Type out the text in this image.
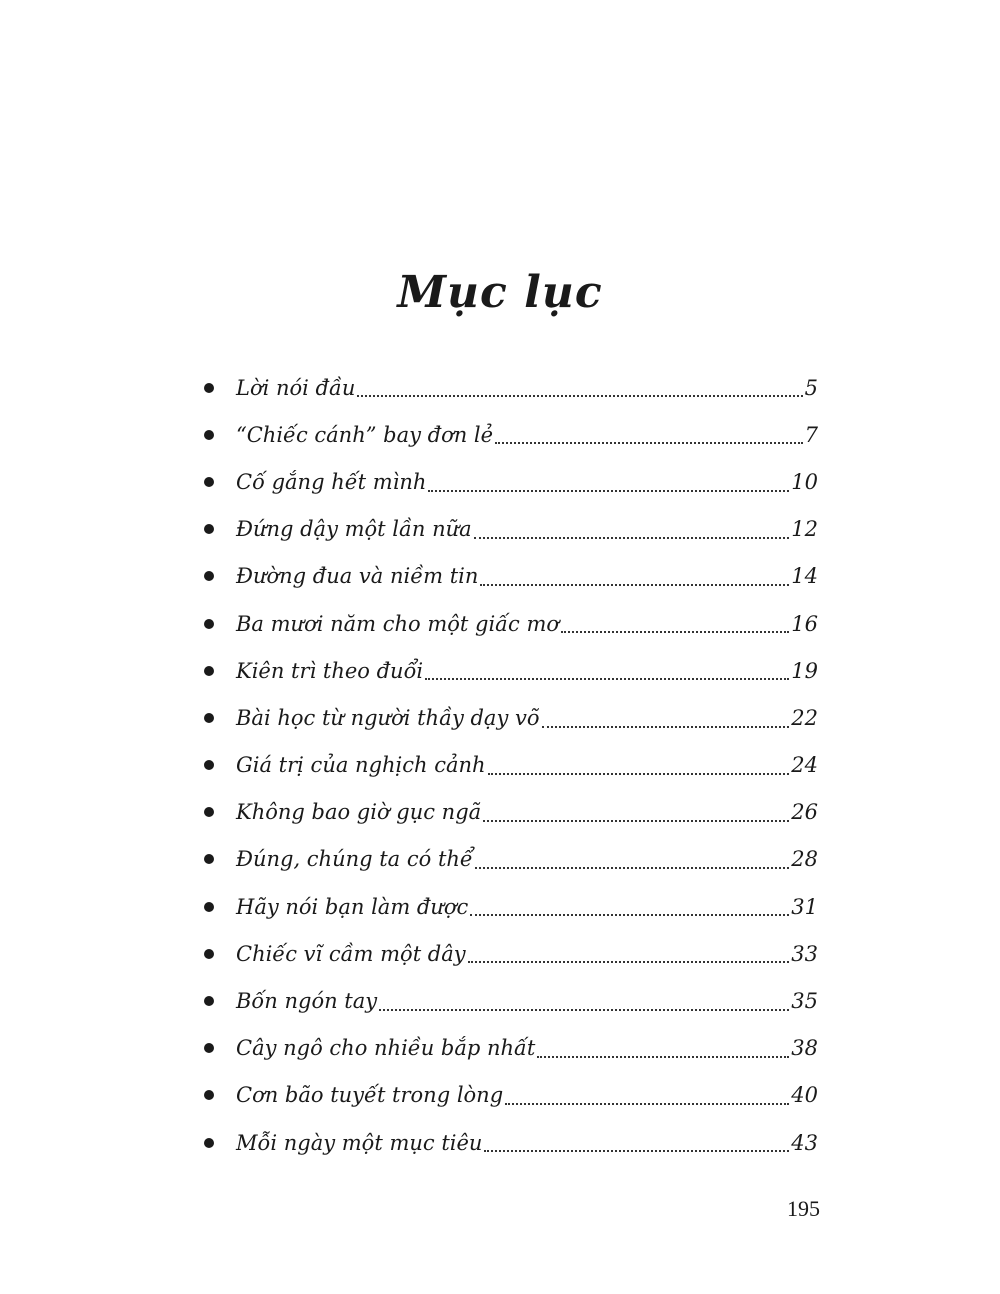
Mục lục
Lời nói đầu	5
“Chiếc cánh” bay đơn lẻ	7
Cố gắng hết mình	10
Đứng dậy một lần nữa	12
Đường đua và niềm tin	14
Ba mươi năm cho một giấc mơ	16
Kiên trì theo đuổi	19
Bài học từ người thầy dạy võ	22
Giá trị của nghịch cảnh	24
Không bao giờ gục ngã	26
Đúng, chúng ta có thể	28
Hãy nói bạn làm được	31
Chiếc vĩ cầm một dây	33
Bốn ngón tay	35
Cây ngô cho nhiều bắp nhất	38
Cơn bão tuyết trong lòng	40
Mỗi ngày một mục tiêu	43
195
